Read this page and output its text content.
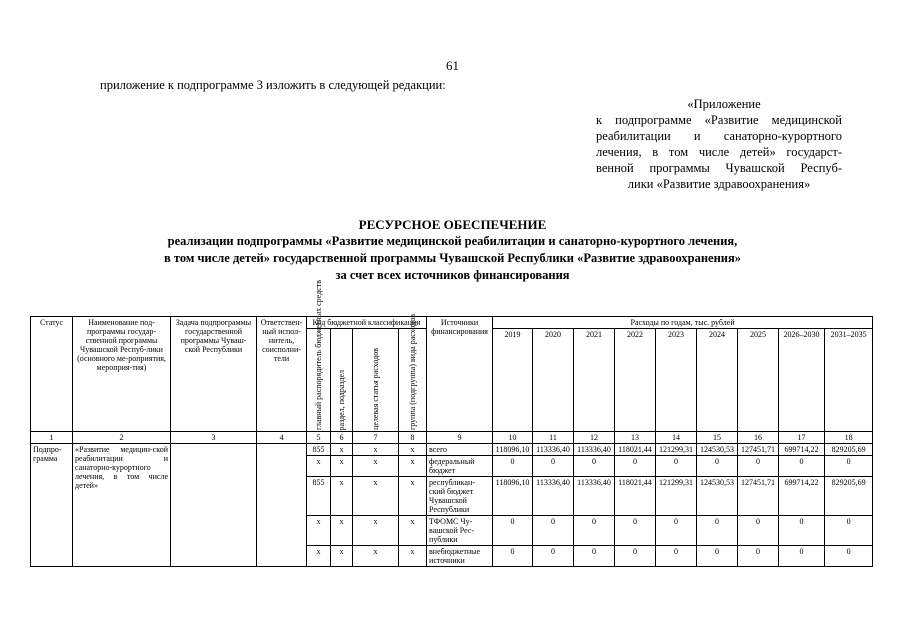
61
приложение к подпрограмме 3 изложить в следующей редакции:
«Приложение
к подпрограмме «Развитие медицинской
реабилитации и санаторно-курортного
лечения, в том числе детей» государст-
венной программы Чувашской Респуб-
лики «Развитие здравоохранения»
РЕСУРСНОЕ ОБЕСПЕЧЕНИЕ
реализации подпрограммы «Развитие медицинской реабилитации и санаторно-курортного лечения,
в том числе детей» государственной программы Чувашской Республики «Развитие здравоохранения»
за счет всех источников финансирования
Статус	Наименование под-программы государ-ственной программы Чувашской Респуб-лики (основного ме-роприятия, мероприя-тия)	Задача подпрограммы государственной программы Чуваш-ской Республики	Ответствен-ный испол-нитель, соисполни-тели	Код бюджетной классификации				Источники финансирования	Расходы по годам, тыс. рублей								

				главный распорядитель бюджетных средств	раздел, подраздел	целевая статья расходов	группа (подгруппа) вида расходов		2019	2020	2021	2022	2023	2024	2025	2026–2030	2031–2035
1	2	3	4	5	6	7	8	9	10	11	12	13	14	15	16	17	18
Подпро-грамма	«Развитие медицин-ской реабилитации и санаторно-курортного лечения, в том числе детей»			855	x	x	x	всего	118096,10	113336,40	113336,40	118021,44	121299,31	124530,53	127451,71	699714,22	829205,69
				x	x	x	x	федеральный бюджет	0	0	0	0	0	0	0	0	0
				855	x	x	x	республикан-ский бюджет Чувашской Республики	118096,10	113336,40	113336,40	118021,44	121299,31	124530,53	127451,71	699714,22	829205,69
				x	x	x	x	ТФОМС Чу-вашской Рес-публики	0	0	0	0	0	0	0	0	0
				x	x	x	x	внебюджетные источники	0	0	0	0	0	0	0	0	0
